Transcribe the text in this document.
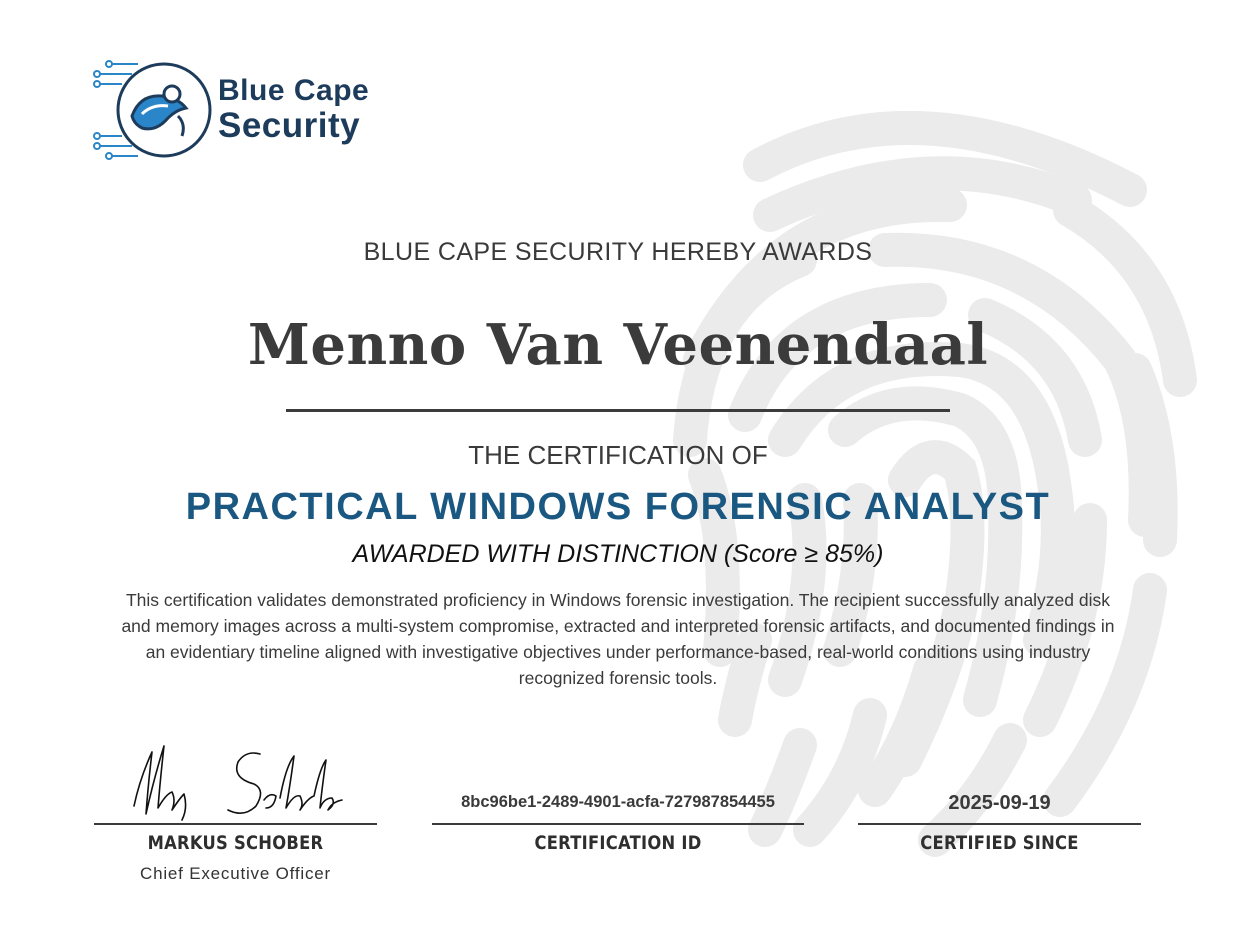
Blue Cape
Security
BLUE CAPE SECURITY HEREBY AWARDS
Menno Van Veenendaal
THE CERTIFICATION OF
PRACTICAL WINDOWS FORENSIC ANALYST
AWARDED WITH DISTINCTION (Score ≥ 85%)
This certification validates demonstrated proficiency in Windows forensic investigation. The recipient successfully analyzed disk and memory images across a multi-system compromise, extracted and interpreted forensic artifacts, and documented findings in an evidentiary timeline aligned with investigative objectives under performance-based, real-world conditions using industry recognized forensic tools.
MARKUS SCHOBER
Chief Executive Officer
8bc96be1-2489-4901-acfa-727987854455
CERTIFICATION ID
2025-09-19
CERTIFIED SINCE
